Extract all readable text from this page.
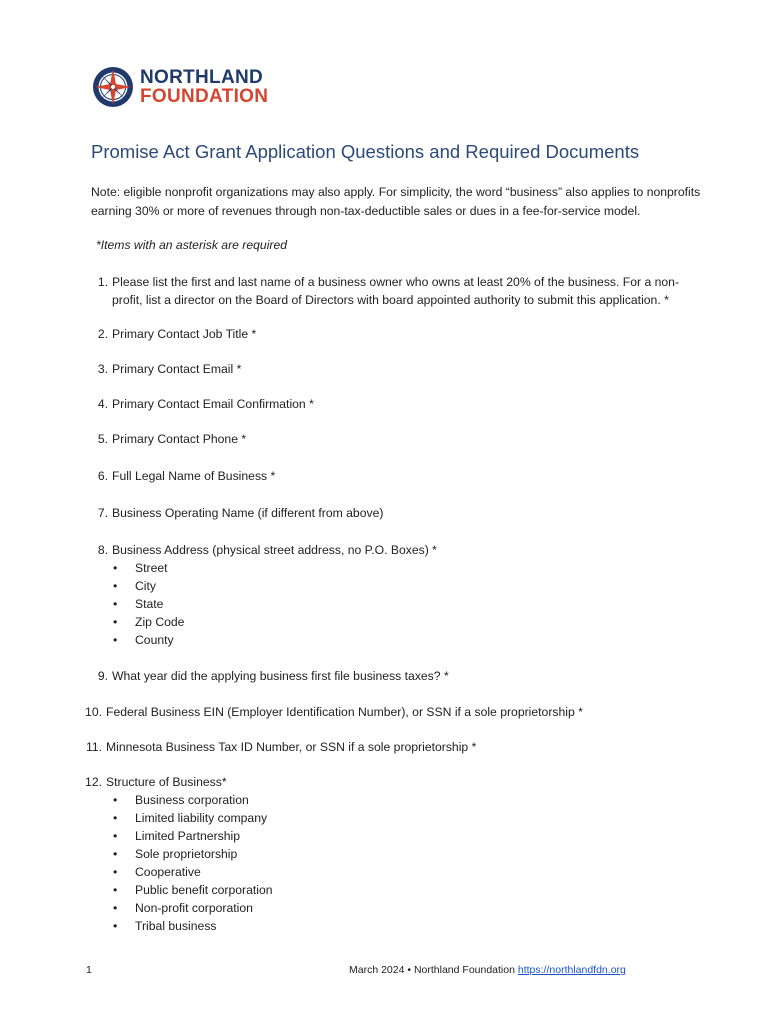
NORTHLAND
FOUNDATION
Promise Act Grant Application Questions and Required Documents

Note: eligible nonprofit organizations may also apply. For simplicity, the word “business” also applies to nonprofits earning 30% or more of revenues through non-tax-deductible sales or dues in a fee-for-service model.

*Items with an asterisk are required
1. Please list the first and last name of a business owner who owns at least 20% of the business. For a non-profit, list a director on the Board of Directors with board appointed authority to submit this application. *
2. Primary Contact Job Title *
3. Primary Contact Email *
4. Primary Contact Email Confirmation *
5. Primary Contact Phone *
6. Full Legal Name of Business *
7. Business Operating Name (if different from above)
8. Business Address (physical street address, no P.O. Boxes) *
• Street
• City
• State
• Zip Code
• County
9. What year did the applying business first file business taxes? *
10. Federal Business EIN (Employer Identification Number), or SSN if a sole proprietorship *
11. Minnesota Business Tax ID Number, or SSN if a sole proprietorship *
12. Structure of Business*
• Business corporation
• Limited liability company
• Limited Partnership
• Sole proprietorship
• Cooperative
• Public benefit corporation
• Non-profit corporation
• Tribal business
1	March 2024 • Northland Foundation https://northlandfdn.org
